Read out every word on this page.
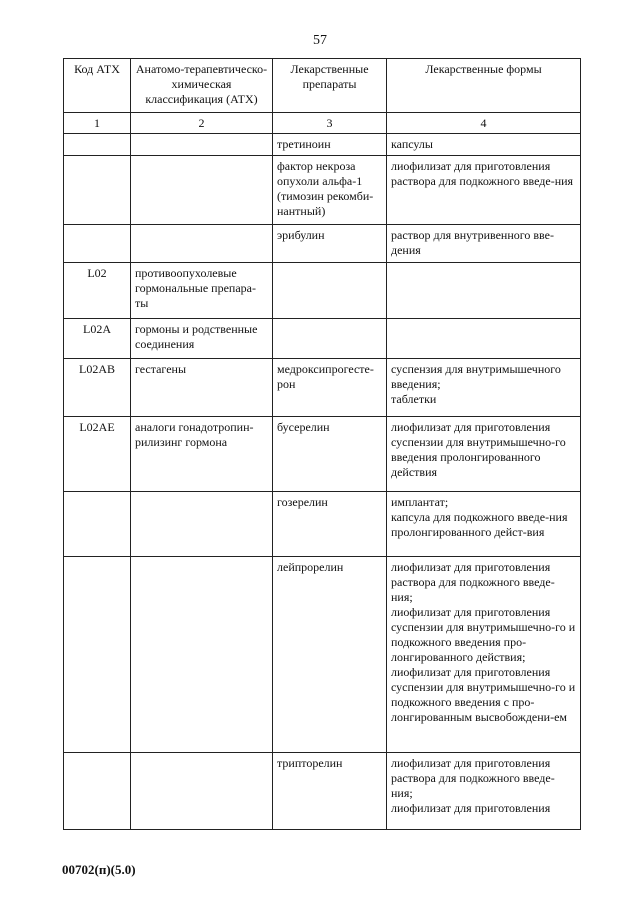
57
Код АТХ	Анатомо-терапевтическо-химическая классификация (АТХ)	Лекарственные препараты	Лекарственные формы
1	2	3	4
		третиноин	капсулы
		фактор некроза опухоли альфа-1 (тимозин рекомби-нантный)	лиофилизат для приготовления раствора для подкожного введе-ния
		эрибулин	раствор для внутривенного вве-дения
L02	противоопухолевые гормональные препара-ты		
L02A	гормоны и родственные соединения		
L02AB	гестагены	медроксипрогесте-рон	суспензия для внутримышечного введения;
таблетки
L02AE	аналоги гонадотропин-рилизинг гормона	бусерелин	лиофилизат для приготовления суспензии для внутримышечно-го введения пролонгированного действия
		гозерелин	имплантат;
капсула для подкожного введе-ния пролонгированного дейст-вия
		лейпрорелин	лиофилизат для приготовления раствора для подкожного введе-ния;
лиофилизат для приготовления суспензии для внутримышечно-го и подкожного введения про-лонгированного действия;
лиофилизат для приготовления суспензии для внутримышечно-го и подкожного введения с про-лонгированным высвобождени-ем
		трипторелин	лиофилизат для приготовления раствора для подкожного введе-ния;
лиофилизат для приготовления
00702(п)(5.0)
